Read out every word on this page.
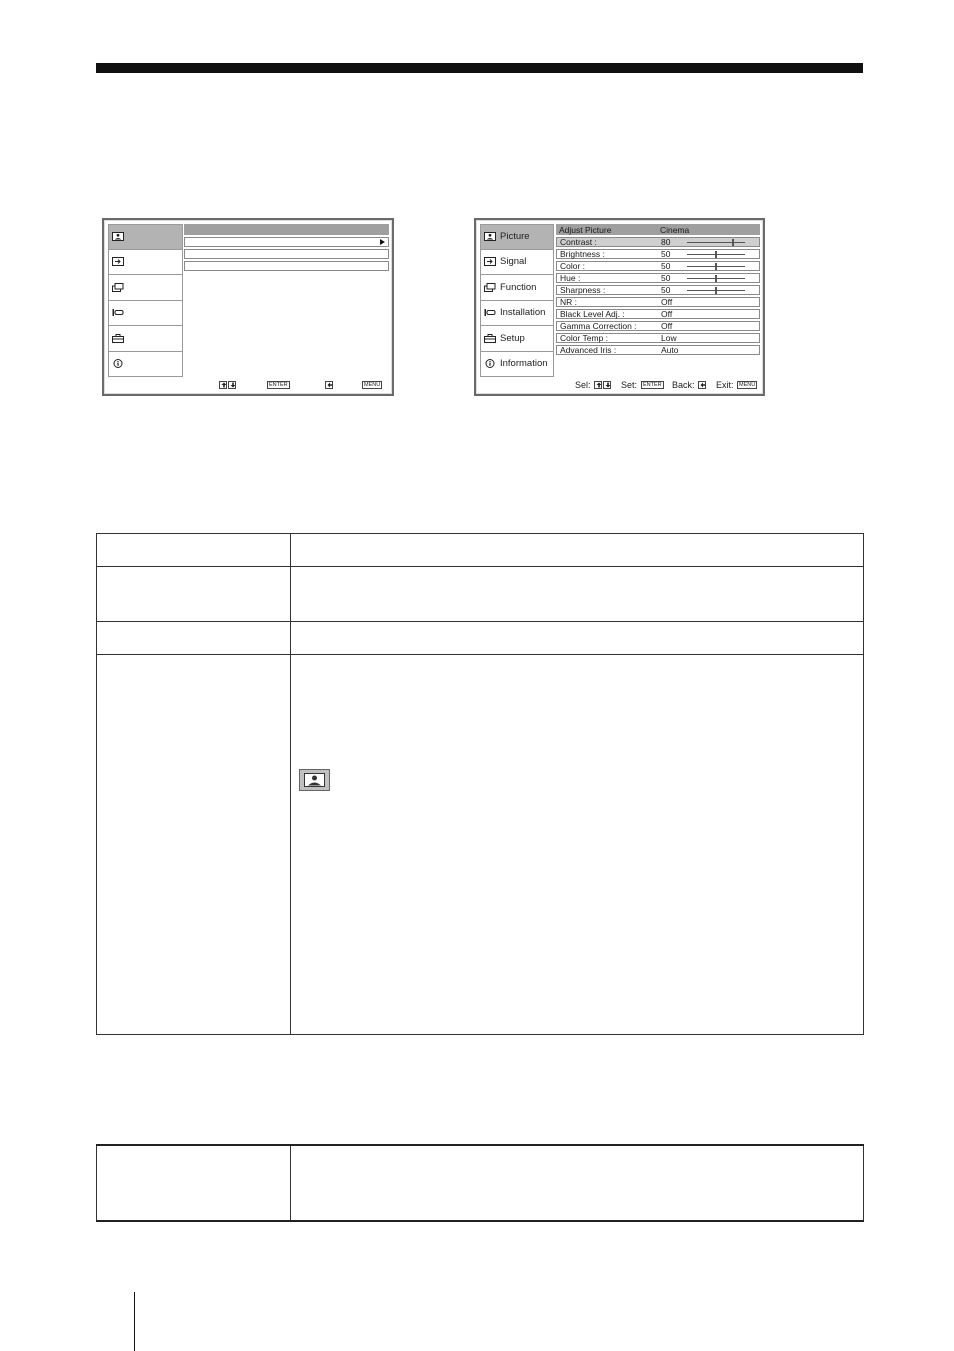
ENTER	MENU
Picture
Signal
Function
Installation
Setup
Information
Adjust Picture	Cinema
Contrast :	80
Brightness :	50
Color :	50
Hue :	50
Sharpness :	50
NR :	Off
Black Level Adj. :	Off
Gamma Correction :	Off
Color Temp :	Low
Advanced Iris :	Auto
Sel:	Set:	ENTER Back: Exit: MENU
